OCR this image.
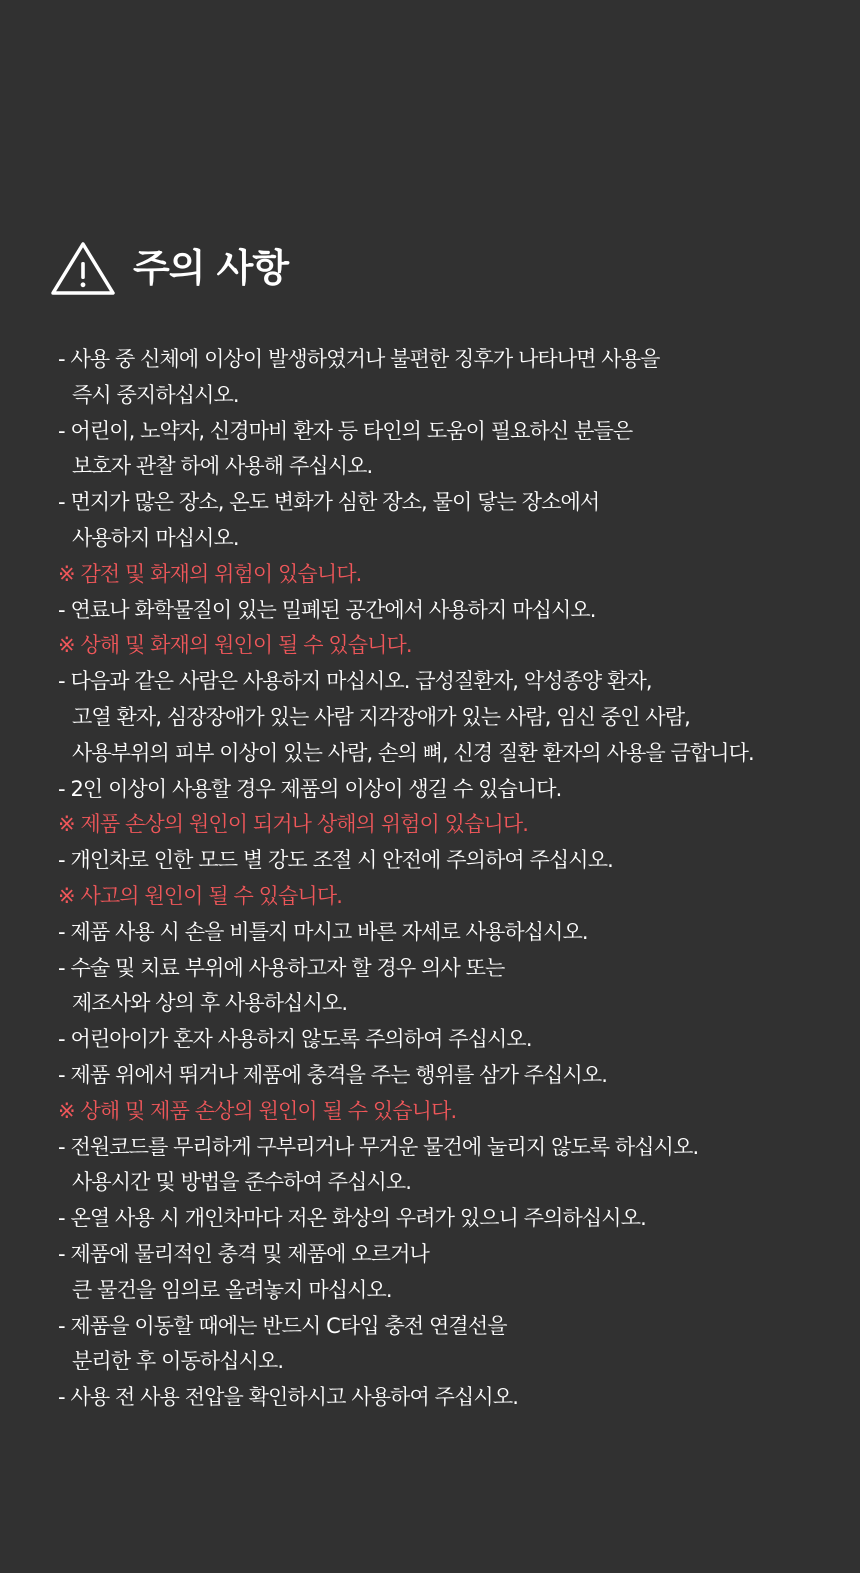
주의 사항
- 사용 중 신체에 이상이 발생하였거나 불편한 징후가 나타나면 사용을
즉시 중지하십시오.
- 어린이, 노약자, 신경마비 환자 등 타인의 도움이 필요하신 분들은
보호자 관찰 하에 사용해 주십시오.
- 먼지가 많은 장소, 온도 변화가 심한 장소, 물이 닿는 장소에서
사용하지 마십시오.
※ 감전 및 화재의 위험이 있습니다.
- 연료나 화학물질이 있는 밀폐된 공간에서 사용하지 마십시오.
※ 상해 및 화재의 원인이 될 수 있습니다.
- 다음과 같은 사람은 사용하지 마십시오. 급성질환자, 악성종양 환자,
고열 환자, 심장장애가 있는 사람 지각장애가 있는 사람, 임신 중인 사람,
사용부위의 피부 이상이 있는 사람, 손의 뼈, 신경 질환 환자의 사용을 금합니다.
- 2인 이상이 사용할 경우 제품의 이상이 생길 수 있습니다.
※ 제품 손상의 원인이 되거나 상해의 위험이 있습니다.
- 개인차로 인한 모드 별 강도 조절 시 안전에 주의하여 주십시오.
※ 사고의 원인이 될 수 있습니다.
- 제품 사용 시 손을 비틀지 마시고 바른 자세로 사용하십시오.
- 수술 및 치료 부위에 사용하고자 할 경우 의사 또는
제조사와 상의 후 사용하십시오.
- 어린아이가 혼자 사용하지 않도록 주의하여 주십시오.
- 제품 위에서 뛰거나 제품에 충격을 주는 행위를 삼가 주십시오.
※ 상해 및 제품 손상의 원인이 될 수 있습니다.
- 전원코드를 무리하게 구부리거나 무거운 물건에 눌리지 않도록 하십시오.
사용시간 및 방법을 준수하여 주십시오.
- 온열 사용 시 개인차마다 저온 화상의 우려가 있으니 주의하십시오.
- 제품에 물리적인 충격 및 제품에 오르거나
큰 물건을 임의로 올려놓지 마십시오.
- 제품을 이동할 때에는 반드시 C타입 충전 연결선을
분리한 후 이동하십시오.
- 사용 전 사용 전압을 확인하시고 사용하여 주십시오.
